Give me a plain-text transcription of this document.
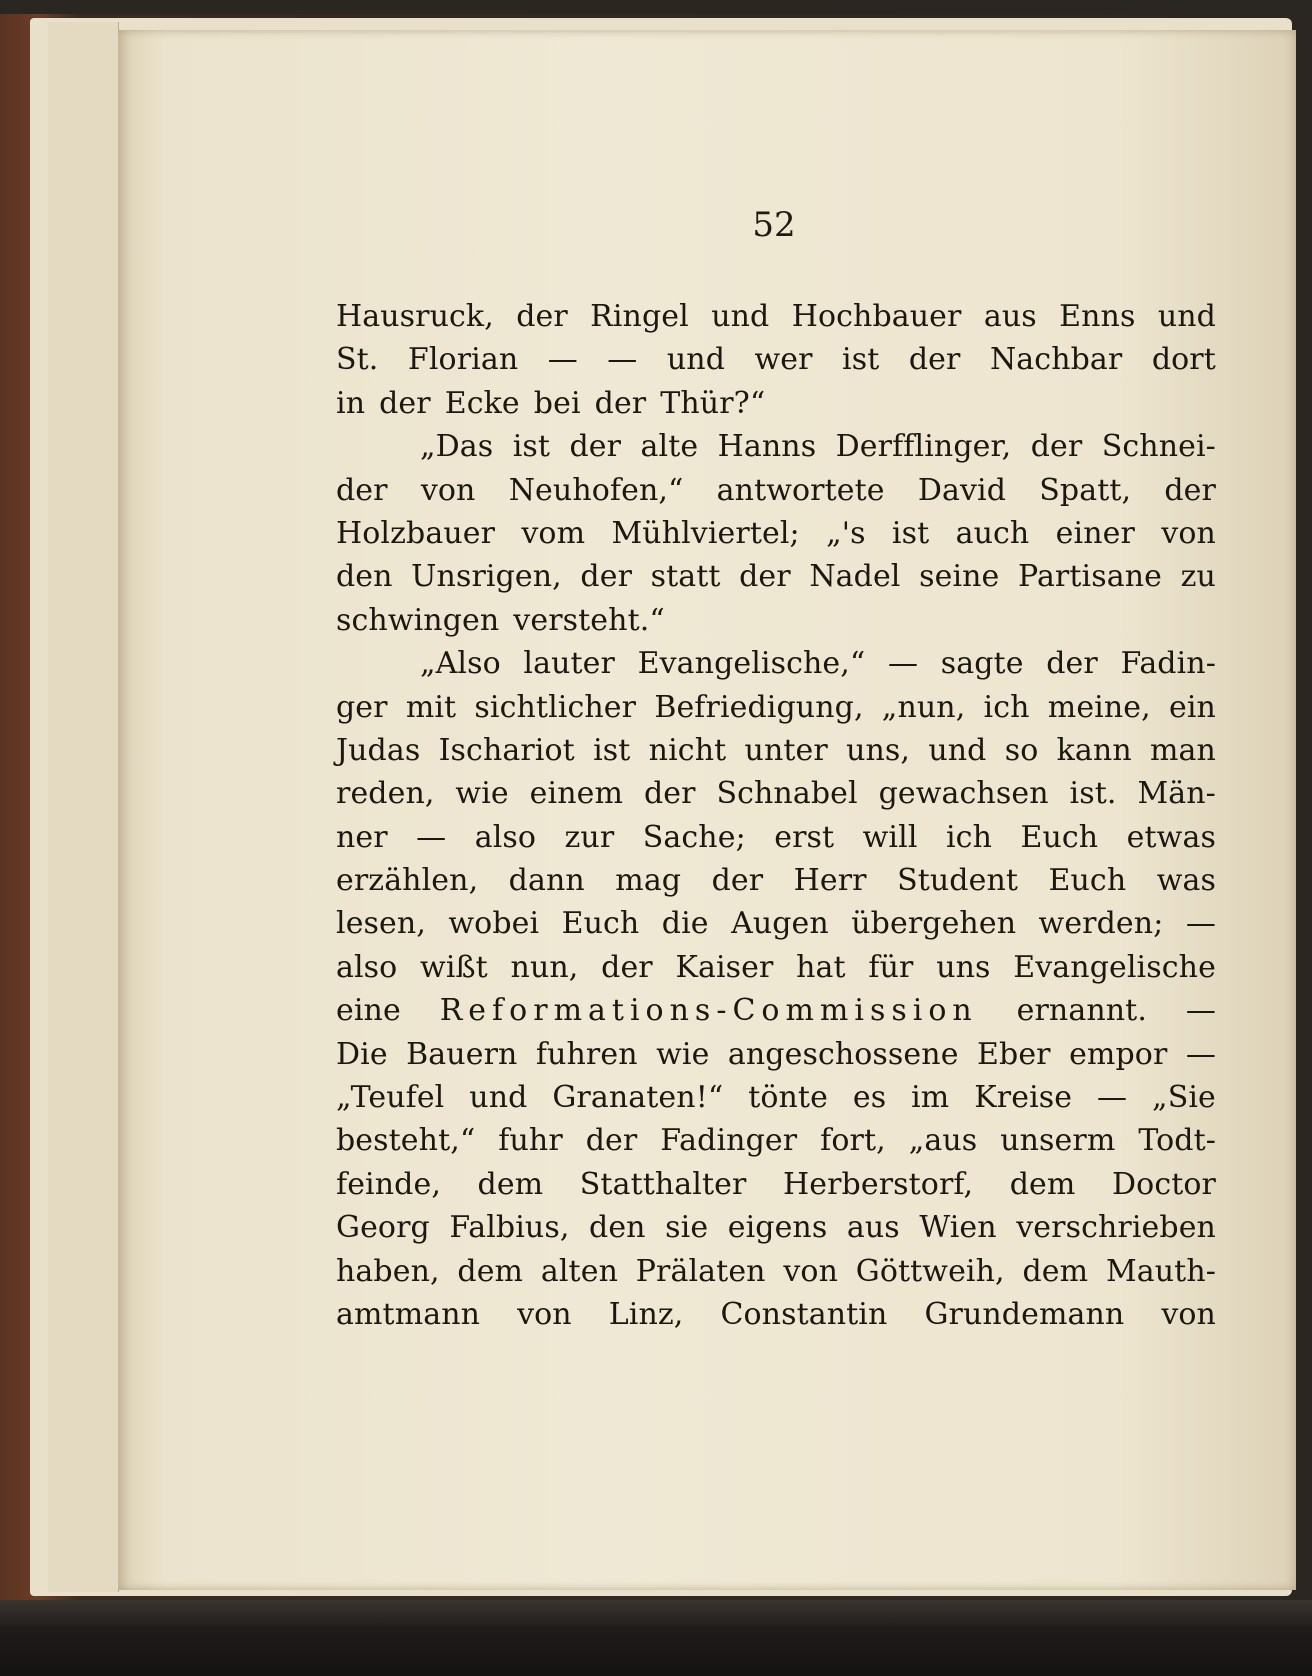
52
Hausruck, der Ringel und Hochbauer aus Enns und
St. Florian — — und wer ist der Nachbar dort
in der Ecke bei der Thür?“
„Das ist der alte Hanns Derfflinger, der Schnei-
der von Neuhofen,“ antwortete David Spatt, der
Holzbauer vom Mühlviertel; „'s ist auch einer von
den Unsrigen, der statt der Nadel seine Partisane zu
schwingen versteht.“
„Also lauter Evangelische,“ — sagte der Fadin-
ger mit sichtlicher Befriedigung, „nun, ich meine, ein
Judas Ischariot ist nicht unter uns, und so kann man
reden, wie einem der Schnabel gewachsen ist. Män-
ner — also zur Sache; erst will ich Euch etwas
erzählen, dann mag der Herr Student Euch was
lesen, wobei Euch die Augen übergehen werden; —
also wißt nun, der Kaiser hat für uns Evangelische
eine Reformations-Commission ernannt. —
Die Bauern fuhren wie angeschossene Eber empor —
„Teufel und Granaten!“ tönte es im Kreise — „Sie
besteht,“ fuhr der Fadinger fort, „aus unserm Todt-
feinde, dem Statthalter Herberstorf, dem Doctor
Georg Falbius, den sie eigens aus Wien verschrieben
haben, dem alten Prälaten von Göttweih, dem Mauth-
amtmann von Linz, Constantin Grundemann von
